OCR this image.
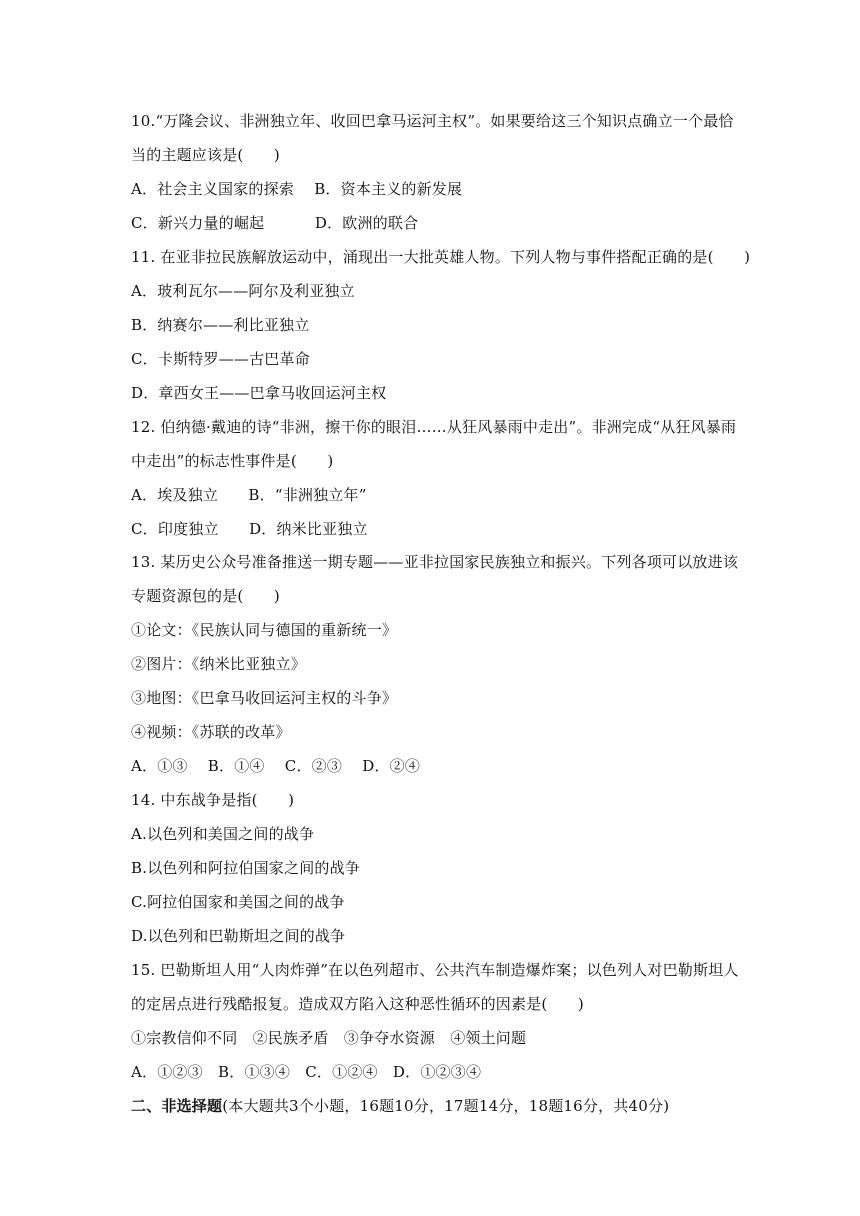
10.“万隆会议、非洲独立年、收回巴拿马运河主权”。如果要给这三个知识点确立一个最恰
当的主题应该是(　　)
A．社会主义国家的探索　 B．资本主义的新发展
C．新兴力量的崛起　　　 D．欧洲的联合
11. 在亚非拉民族解放运动中，涌现出一大批英雄人物。下列人物与事件搭配正确的是(　　)
A．玻利瓦尔——阿尔及利亚独立
B．纳赛尔——利比亚独立
C．卡斯特罗——古巴革命
D．章西女王——巴拿马收回运河主权
12. 伯纳德·戴迪的诗“非洲，擦干你的眼泪……从狂风暴雨中走出”。非洲完成“从狂风暴雨
中走出”的标志性事件是(　　)
A．埃及独立　　B．“非洲独立年”
C．印度独立　　D．纳米比亚独立
13. 某历史公众号准备推送一期专题——亚非拉国家民族独立和振兴。下列各项可以放进该
专题资源包的是(　　)
①论文：《民族认同与德国的重新统一》
②图片：《纳米比亚独立》
③地图：《巴拿马收回运河主权的斗争》
④视频：《苏联的改革》
A．①③　 B．①④　 C．②③　 D．②④
14. 中东战争是指(　　)
A.以色列和美国之间的战争
B.以色列和阿拉伯国家之间的战争
C.阿拉伯国家和美国之间的战争
D.以色列和巴勒斯坦之间的战争
15. 巴勒斯坦人用“人肉炸弹”在以色列超市、公共汽车制造爆炸案；以色列人对巴勒斯坦人
的定居点进行残酷报复。造成双方陷入这种恶性循环的因素是(　　)
①宗教信仰不同　②民族矛盾　③争夺水资源　④领土问题
A．①②③　B．①③④　C．①②④　D．①②③④
二、非选择题(本大题共3个小题，16题10分，17题14分，18题16分，共40分)
